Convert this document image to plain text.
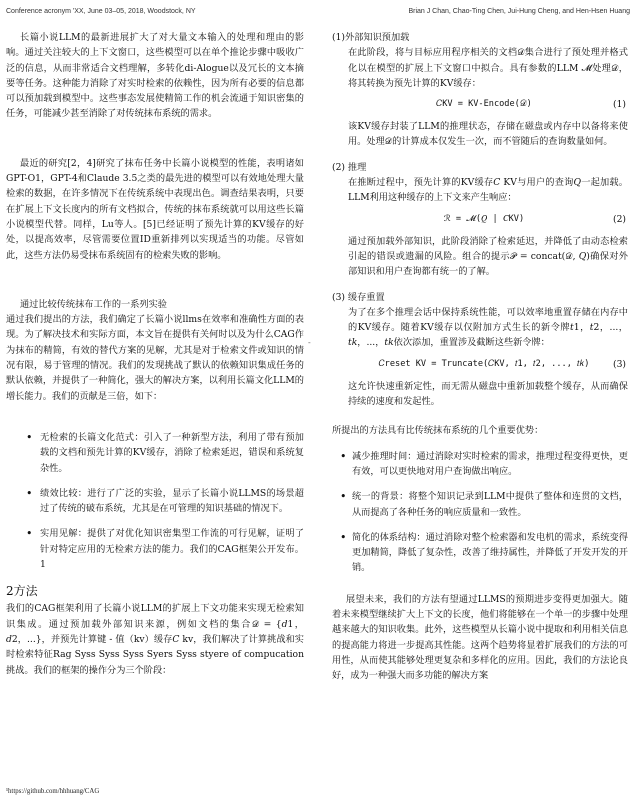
Conference acronym 'XX, June 03–05, 2018, Woodstock, NY	Brian J Chan, Chao-Ting Chen, Jui-Hung Cheng, and Hen-Hsen Huang

长篇小说LLM的最新进展扩大了对大量文本输入的处理和理由的影响。通过关注较大的上下文窗口，这些模型可以在单个推论步骤中吸收广泛的信息，从而非常适合文档理解，多转化di-Alogue以及冗长的文本摘要等任务。这种能力消除了对实时检索的依赖性，因为所有必要的信息都可以预加载到模型中。这些事态发展使精简工作的机会流通于知识密集的任务，可能减少甚至消除了对传统抹布系统的需求。

最近的研究[2，4]研究了抹布任务中长篇小说模型的性能，表明诸如GPT-O1，GPT-4和Claude 3.5之类的最先进的模型可以有效地处理大量检索的数据，在许多情况下在传统系统中表现出色。调查结果表明，只要在扩展上下文长度内的所有文档拟合，传统的抹布系统就可以用这些长篇小说模型代替。同样，Lu等人。[5]已经证明了预先计算的KV缓存的好处，以提高效率，尽管需要位置ID重新排列以实现适当的功能。尽管如此，这些方法仍易受抹布系统固有的检索失败的影响。

通过比较传统抹布工作的一系列实验

通过我们提出的方法，我们确定了长篇小说llms在效率和准确性方面的表现。为了解决技术和实际方面，本文旨在提供有关何时以及为什么CAG作为抹布的精简，有效的替代方案的见解，尤其是对于检索文件或知识的情况有限，易于管理的情况。我们的发现挑战了默认的依赖知识集成任务的默认依赖，并提供了一种简化，强大的解决方案，以利用长篇文化LLM的增长能力。我们的贡献是三倍，如下：

• 无检索的长篇文化范式：引入了一种新型方法，利用了带有预加载的文档和预先计算的KV缓存，消除了检索延迟，错误和系统复杂性。
• 绩效比较：进行了广泛的实验，显示了长篇小说LLMS的场景超过了传统的破布系统，尤其是在可管理的知识基础的情况下。
• 实用见解：提供了对优化知识密集型工作流的可行见解，证明了针对特定应用的无检索方法的能力。我们的CAG框架公开发布。1
2方法

我们的CAG框架利用了长篇小说LLM的扩展上下文功能来实现无检索知识集成。通过预加载外部知识来源，例如文档的集合𝒟 = {𝑑1，𝑑2，...}，并预先计算键 - 值（kv）缓存𝐶 kv，我们解决了计算挑战和实时检索特征Rag Syss Syss Syss Syers Syss styere of compucation挑战。我们的框架的操作分为三个阶段：

-
(1)外部知识预加载

在此阶段，将与目标应用程序相关的文档𝒟集合进行了预处理并格式化以在模型的扩展上下文窗口中拟合。具有参数的LLM 𝓜处理𝒟，将其转换为预先计算的KV缓存：

𝐶KV = KV-Encode(𝒟)	(1)

该KV缓存封装了LLM的推理状态，存储在磁盘或内存中以备将来使用。处理𝒟的计算成本仅发生一次，而不管随后的查询数量如何。

(2) 推理

在推断过程中，预先计算的KV缓存𝐶 KV与用户的查询𝑄一起加载。LLM利用这种缓存的上下文来产生响应：

ℛ = 𝓜(𝑄 | 𝐶KV)	(2)

通过预加载外部知识，此阶段消除了检索延迟，并降低了由动态检索引起的错误或遗漏的风险。组合的提示𝒫 = concat(𝒟, 𝑄)确保对外部知识和用户查询都有统一的了解。

(3) 缓存重置

为了在多个推理会话中保持系统性能，可以效率地重置存储在内存中的KV缓存。随着KV缓存以仅附加方式生长的新令牌𝑡1，𝑡2，...，𝑡𝑘，...，𝑡𝑘依次添加，重置涉及截断这些新令牌：

𝐶reset KV = Truncate(𝐶KV, 𝑡1, 𝑡2, ..., 𝑡𝑘)	(3)

这允许快速重新定性，而无需从磁盘中重新加载整个缓存，从而确保持续的速度和发起性。

所提出的方法具有比传统抹布系统的几个重要优势：

• 减少推理时间：通过消除对实时检索的需求，推理过程变得更快，更有效，可以更快地对用户查询做出响应。
• 统一的背景：将整个知识记录到LLM中提供了整体和连贯的文档，从而提高了各种任务的响应质量和一致性。
• 简化的体系结构：通过消除对整个检索器和发电机的需求，系统变得更加精简，降低了复杂性，改善了维持属性，并降低了开发开发的开销。

展望未来，我们的方法有望通过LLMS的预期进步变得更加强大。随着未来模型继续扩大上下文的长度，他们将能够在一个单一的步骤中处理越来越大的知识收集。此外，这些模型从长篇小说中提取和利用相关信息的提高能力将进一步提高其性能。这两个趋势将显着扩展我们的方法的可用性，从而使其能够处理更复杂和多样化的应用。因此，我们的方法论良好，成为一种强大而多功能的解决方案

¹https://github.com/hhhuang/CAG
